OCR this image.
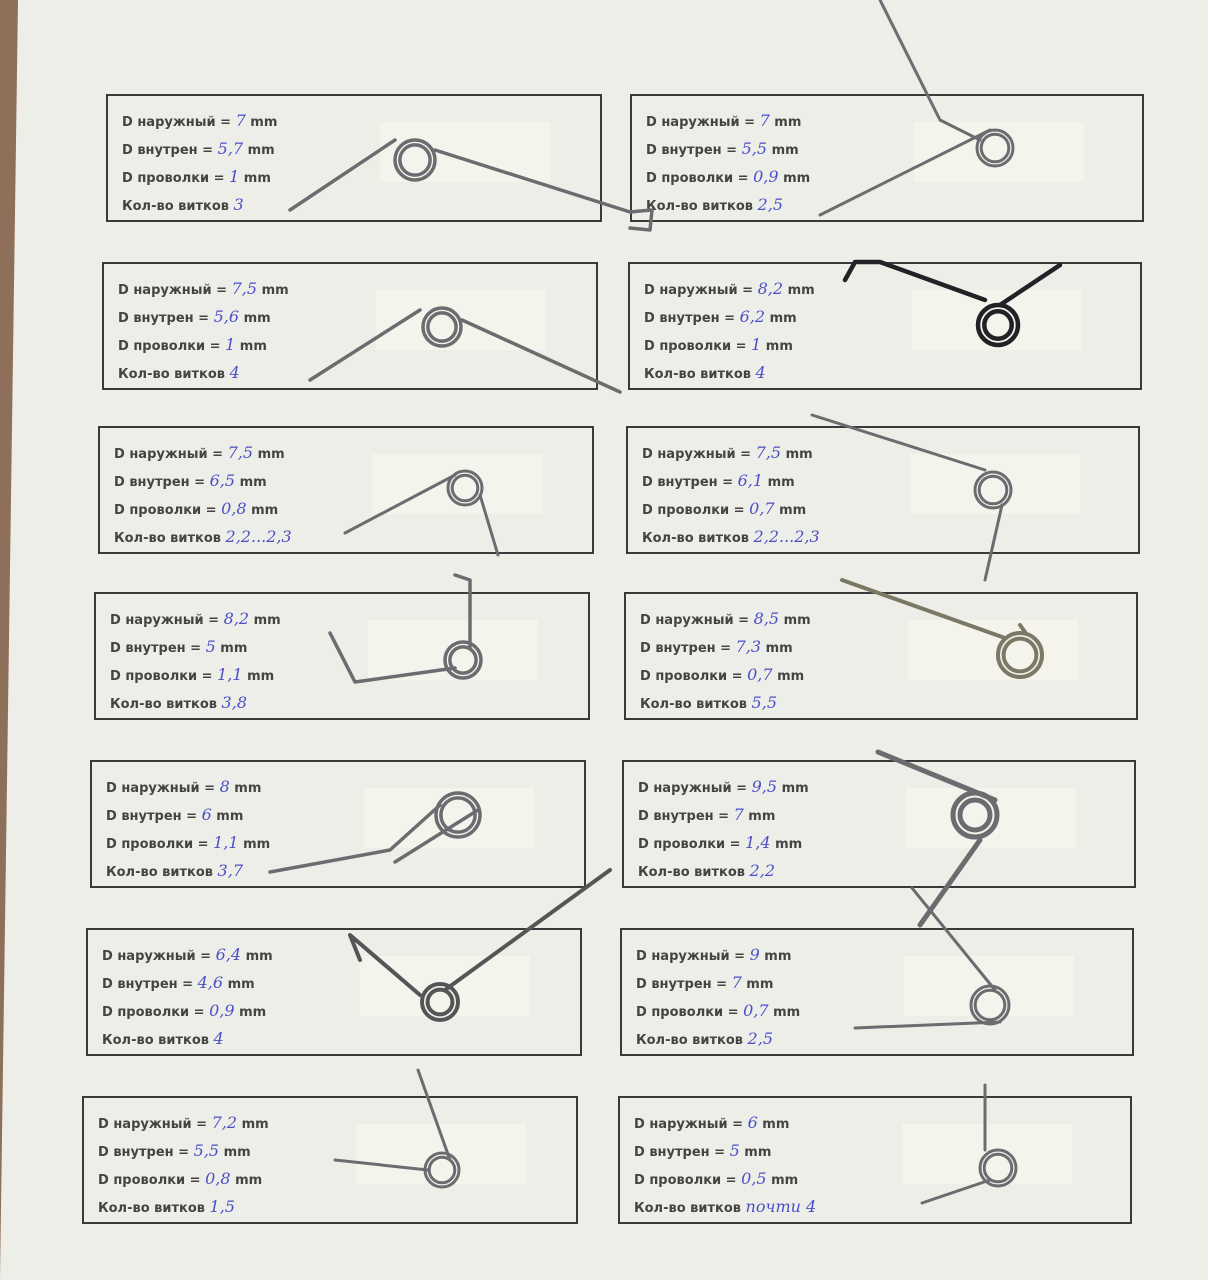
D наружный = 7 mm
D внутрен = 5,7 mm
D проволки = 1 mm
Кол-во витков 3
D наружный = 7 mm
D внутрен = 5,5 mm
D проволки = 0,9 mm
Кол-во витков 2,5
D наружный = 7,5 mm
D внутрен = 5,6 mm
D проволки = 1 mm
Кол-во витков 4
D наружный = 8,2 mm
D внутрен = 6,2 mm
D проволки = 1 mm
Кол-во витков 4
D наружный = 7,5 mm
D внутрен = 6,5 mm
D проволки = 0,8 mm
Кол-во витков 2,2...2,3
D наружный = 7,5 mm
D внутрен = 6,1 mm
D проволки = 0,7 mm
Кол-во витков 2,2...2,3
D наружный = 8,2 mm
D внутрен = 5 mm
D проволки = 1,1 mm
Кол-во витков 3,8
D наружный = 8,5 mm
D внутрен = 7,3 mm
D проволки = 0,7 mm
Кол-во витков 5,5
D наружный = 8 mm
D внутрен = 6 mm
D проволки = 1,1 mm
Кол-во витков 3,7
D наружный = 9,5 mm
D внутрен = 7 mm
D проволки = 1,4 mm
Кол-во витков 2,2
D наружный = 6,4 mm
D внутрен = 4,6 mm
D проволки = 0,9 mm
Кол-во витков 4
D наружный = 9 mm
D внутрен = 7 mm
D проволки = 0,7 mm
Кол-во витков 2,5
D наружный = 7,2 mm
D внутрен = 5,5 mm
D проволки = 0,8 mm
Кол-во витков 1,5
D наружный = 6 mm
D внутрен = 5 mm
D проволки = 0,5 mm
Кол-во витков почти 4
